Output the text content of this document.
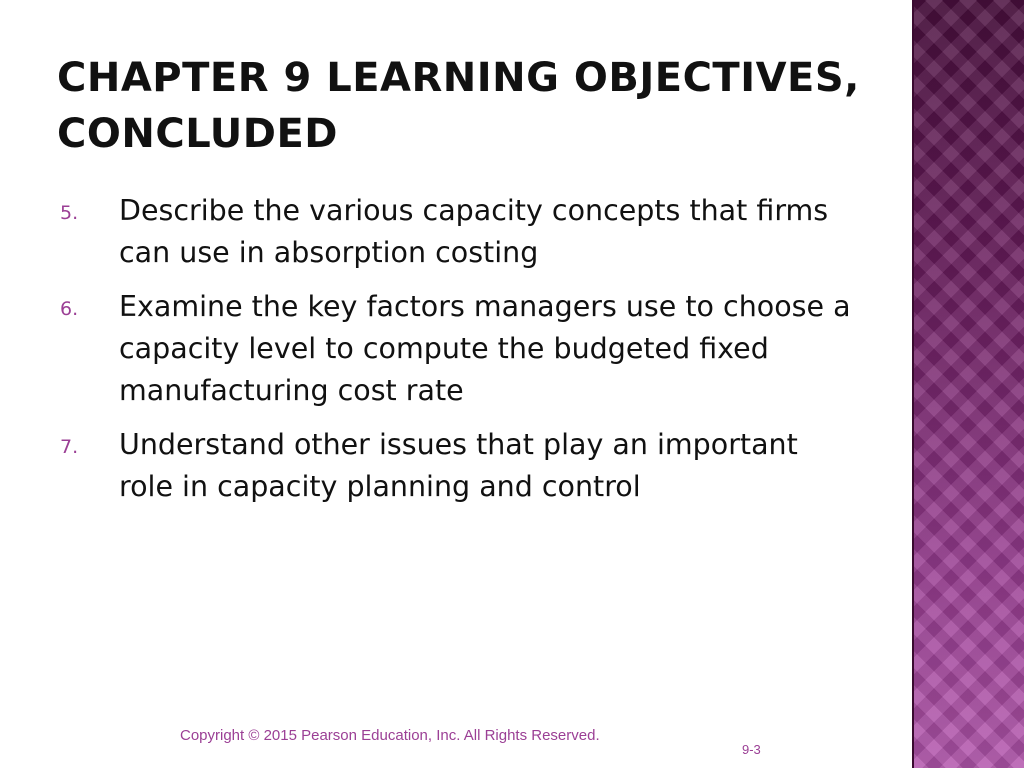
CHAPTER 9 LEARNING OBJECTIVES, CONCLUDED
5. Describe the various capacity concepts that firms can use in absorption costing
6. Examine the key factors managers use to choose a capacity level to compute the budgeted fixed manufacturing cost rate
7. Understand other issues that play an important role in capacity planning and control

Copyright © 2015 Pearson Education, Inc. All Rights Reserved.

9-3
